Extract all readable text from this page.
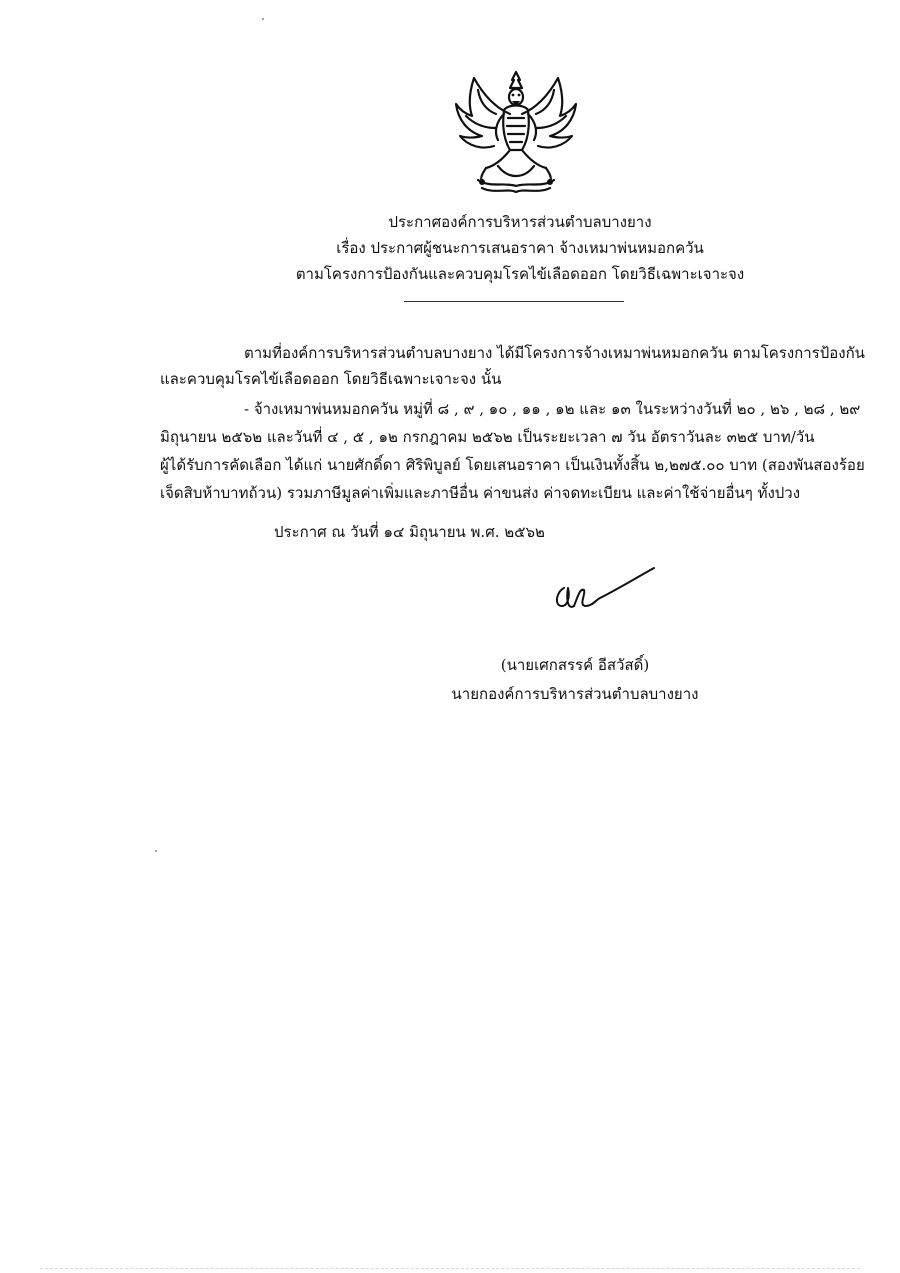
ประกาศองค์การบริหารส่วนตำบลบางยาง
เรื่อง ประกาศผู้ชนะการเสนอราคา จ้างเหมาพ่นหมอกควัน
ตามโครงการป้องกันและควบคุมโรคไข้เลือดออก โดยวิธีเฉพาะเจาะจง
ตามที่องค์การบริหารส่วนตำบลบางยาง ได้มีโครงการจ้างเหมาพ่นหมอกควัน ตามโครงการป้องกัน
และควบคุมโรคไข้เลือดออก โดยวิธีเฉพาะเจาะจง นั้น
- จ้างเหมาพ่นหมอกควัน หมู่ที่ ๘ , ๙ , ๑๐ , ๑๑ , ๑๒ และ ๑๓ ในระหว่างวันที่ ๒๐ , ๒๖ , ๒๘ , ๒๙
มิถุนายน ๒๕๖๒ และวันที่ ๔ , ๕ , ๑๒ กรกฎาคม ๒๕๖๒ เป็นระยะเวลา ๗ วัน อัตราวันละ ๓๒๕ บาท/วัน
ผู้ได้รับการคัดเลือก ได้แก่ นายศักดิ์ดา ศิริพิบูลย์ โดยเสนอราคา เป็นเงินทั้งสิ้น ๒,๒๗๕.๐๐ บาท (สองพันสองร้อย
เจ็ดสิบห้าบาทถ้วน) รวมภาษีมูลค่าเพิ่มและภาษีอื่น ค่าขนส่ง ค่าจดทะเบียน และค่าใช้จ่ายอื่นๆ ทั้งปวง
ประกาศ ณ วันที่ ๑๔ มิถุนายน พ.ศ. ๒๕๖๒
(นายเศกสรรค์ อีสวัสดิ์)
นายกองค์การบริหารส่วนตำบลบางยาง
